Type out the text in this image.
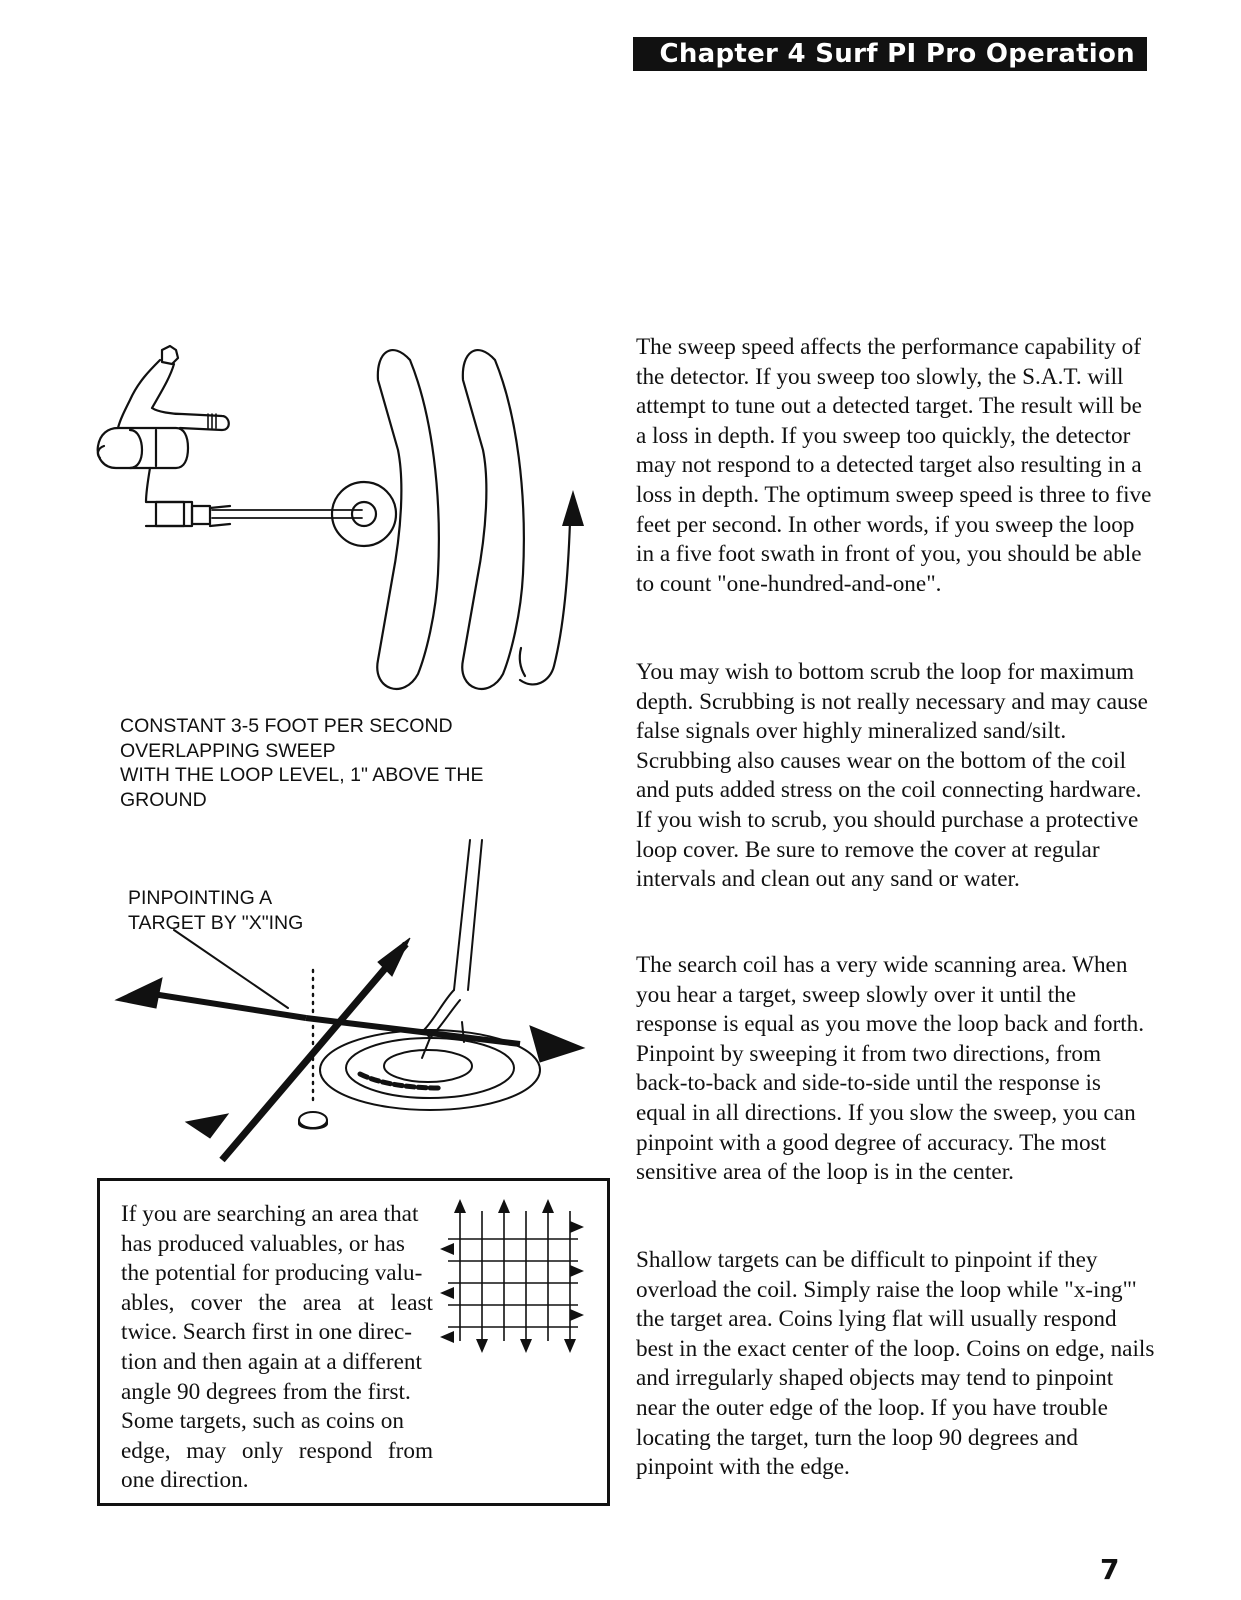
Chapter 4 Surf PI Pro Operation
CONSTANT 3-5 FOOT PER SECOND
OVERLAPPING SWEEP
WITH THE LOOP LEVEL, 1" ABOVE THE
GROUND
PINPOINTING A
TARGET BY "X"ING
If you are searching an area that
has produced valuables, or has
the potential for producing valu-
ables, cover the area at least
twice. Search first in one direc-
tion and then again at a different
angle 90 degrees from the first.
Some targets, such as coins on
edge, may only respond from
one direction.

The sweep speed affects the performance capability of the detector. If you sweep too slowly, the S.A.T. will attempt to tune out a detected target. The result will be a loss in depth. If you sweep too quickly, the detector may not respond to a detected target also resulting in a loss in depth. The optimum sweep speed is three to five feet per second. In other words, if you sweep the loop in a five foot swath in front of you, you should be able to count "one-hundred-and-one".

You may wish to bottom scrub the loop for maximum depth. Scrubbing is not really necessary and may cause false signals over highly mineralized sand/silt. Scrubbing also causes wear on the bottom of the coil and puts added stress on the coil connecting hardware. If you wish to scrub, you should purchase a protective loop cover. Be sure to remove the cover at regular intervals and clean out any sand or water.

The search coil has a very wide scanning area. When you hear a target, sweep slowly over it until the response is equal as you move the loop back and forth. Pinpoint by sweeping it from two directions, from back-to-back and side-to-side until the response is equal in all directions. If you slow the sweep, you can pinpoint with a good degree of accuracy. The most sensitive area of the loop is in the center.

Shallow targets can be difficult to pinpoint if they overload the coil. Simply raise the loop while "x-ing"' the target area. Coins lying flat will usually respond best in the exact center of the loop. Coins on edge, nails and irregularly shaped objects may tend to pinpoint near the outer edge of the loop. If you have trouble locating the target, turn the loop 90 degrees and pinpoint with the edge.

7
